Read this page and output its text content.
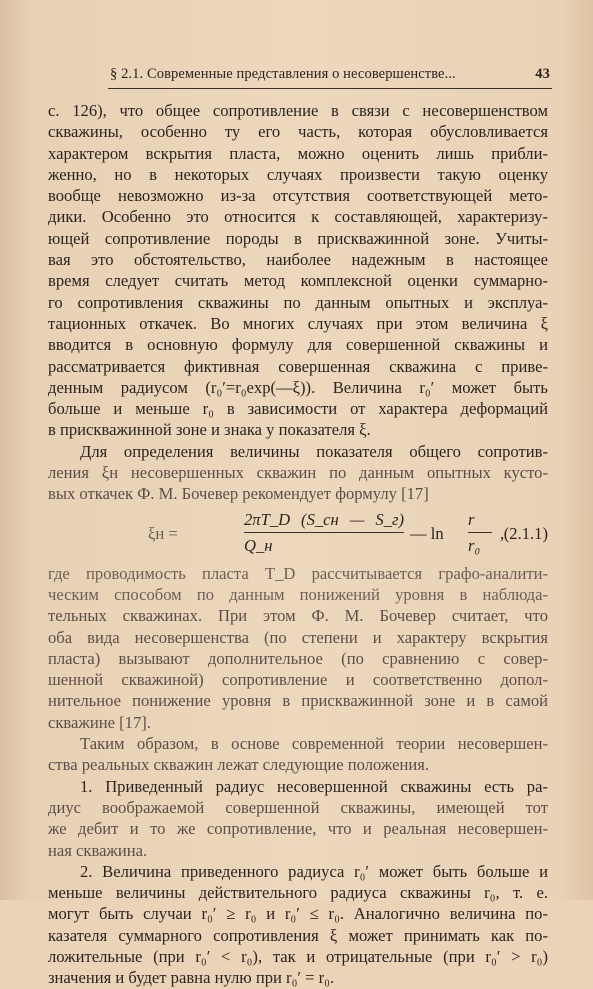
§ 2.1. Современные представления о несовершенстве...	43
с. 126), что общее сопротивление в связи с несовершенством
скважины, особенно ту его часть, которая обусловливается
характером вскрытия пласта, можно оценить лишь прибли-
женно, но в некоторых случаях произвести такую оценку
вообще невозможно из-за отсутствия соответствующей мето-
дики. Особенно это относится к составляющей, характеризу-
ющей сопротивление породы в прискважинной зоне. Учиты-
вая это обстоятельство, наиболее надежным в настоящее
время следует считать метод комплексной оценки суммарно-
го сопротивления скважины по данным опытных и эксплуа-
тационных откачек. Во многих случаях при этом величина ξ
вводится в основную формулу для совершенной скважины и
рассматривается фиктивная совершенная скважина с приве-
денным радиусом (r₀′=r₀exp(—ξ)). Величина r₀′ может быть
больше и меньше r₀ в зависимости от характера деформаций
в прискважинной зоне и знака у показателя ξ.
Для определения величины показателя общего сопротив-
ления ξн несовершенных скважин по данным опытных кусто-
вых откачек Ф. М. Бочевер рекомендует формулу [17]
ξн =
2πT_D (S_сн — S_г)
Q_н
— ln
r
r₀
, (2.1.1)
где проводимость пласта T_D рассчитывается графо-аналити-
ческим способом по данным понижений уровня в наблюда-
тельных скважинах. При этом Ф. М. Бочевер считает, что
оба вида несовершенства (по степени и характеру вскрытия
пласта) вызывают дополнительное (по сравнению с совер-
шенной скважиной) сопротивление и соответственно допол-
нительное понижение уровня в прискважинной зоне и в самой
скважине [17].
Таким образом, в основе современной теории несовершен-
ства реальных скважин лежат следующие положения.
1. Приведенный радиус несовершенной скважины есть ра-
диус воображаемой совершенной скважины, имеющей тот
же дебит и то же сопротивление, что и реальная несовершен-
ная скважина.
2. Величина приведенного радиуса r₀′ может быть больше и
меньше величины действительного радиуса скважины r₀, т. е.
могут быть случаи r₀′ ≥ r₀ и r₀′ ≤ r₀. Аналогично величина по-
казателя суммарного сопротивления ξ может принимать как по-
ложительные (при r₀′ < r₀), так и отрицательные (при r₀′ > r₀)
значения и будет равна нулю при r₀′ = r₀.
